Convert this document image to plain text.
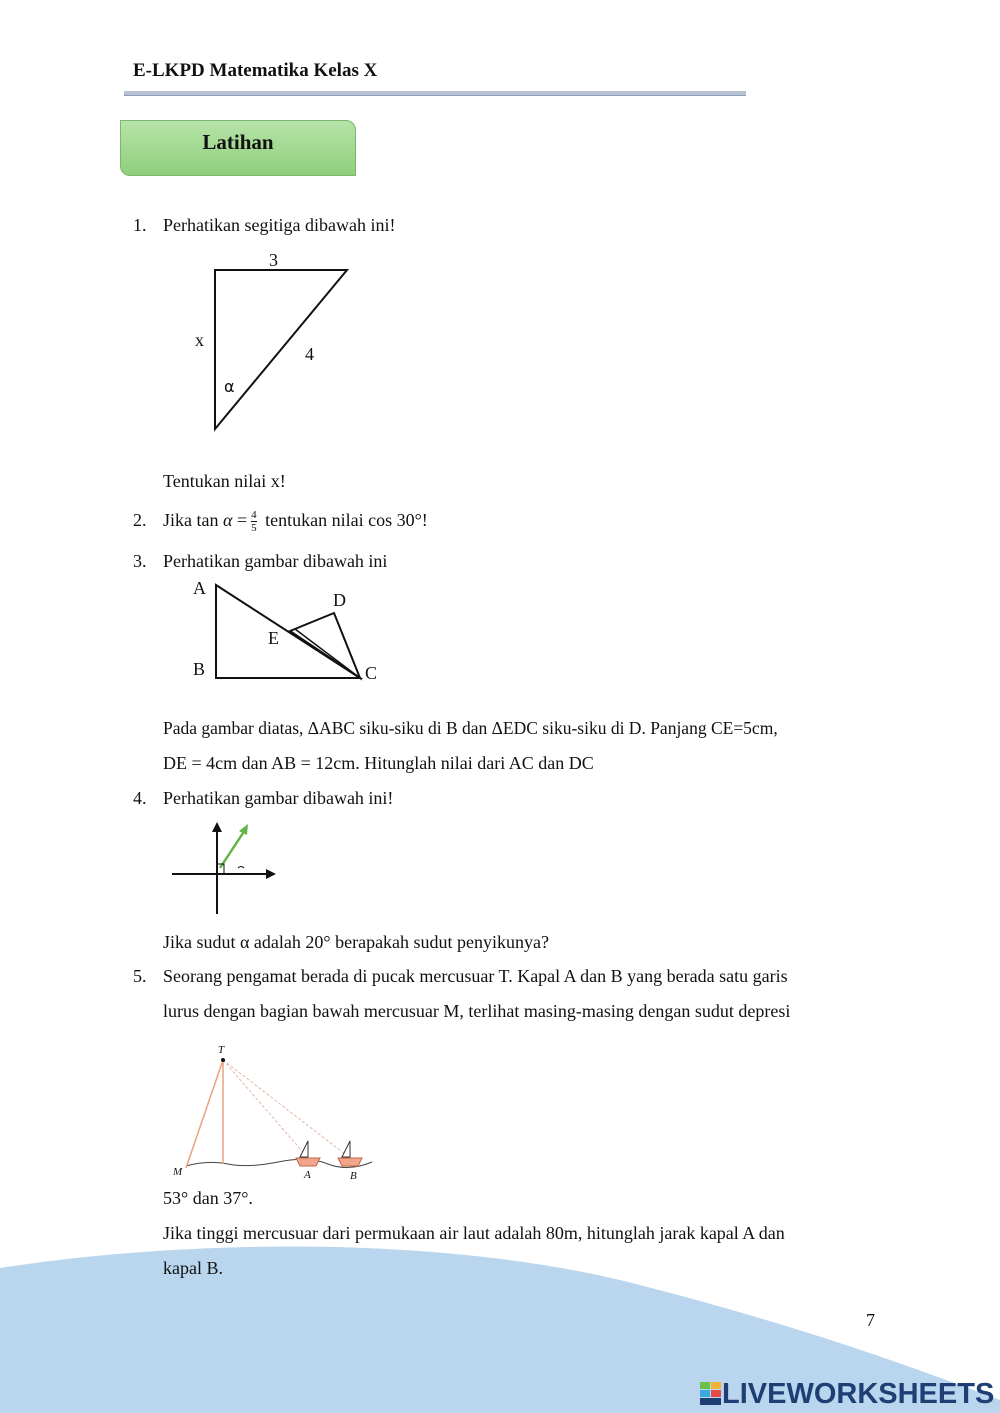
E-LKPD Matematika Kelas X
Latihan
1. Perhatikan segitiga dibawah ini!
3
x
4
α
Tentukan nilai x!
2. Jika $\tan \alpha = \frac{4}{5}$ tentukan nilai cos 30°!
3. Perhatikan gambar dibawah ini
A
B	C
D
E
Pada gambar diatas, ΔABC siku-siku di B dan ΔEDC siku-siku di D. Panjang CE=5cm,
DE = 4cm dan AB = 12cm. Hitunglah nilai dari AC dan DC
4. Perhatikan gambar dibawah ini!
Jika sudut α adalah 20° berapakah sudut penyikunya?
5. Seorang pengamat berada di pucak mercusuar T. Kapal A dan B yang berada satu garis
lurus dengan bagian bawah mercusuar M, terlihat masing-masing dengan sudut depresi
T
M	A	B
53° dan 37°.
Jika tinggi mercusuar dari permukaan air laut adalah 80m, hitunglah jarak kapal A dan
kapal B.
7
LIVEWORKSHEETS
